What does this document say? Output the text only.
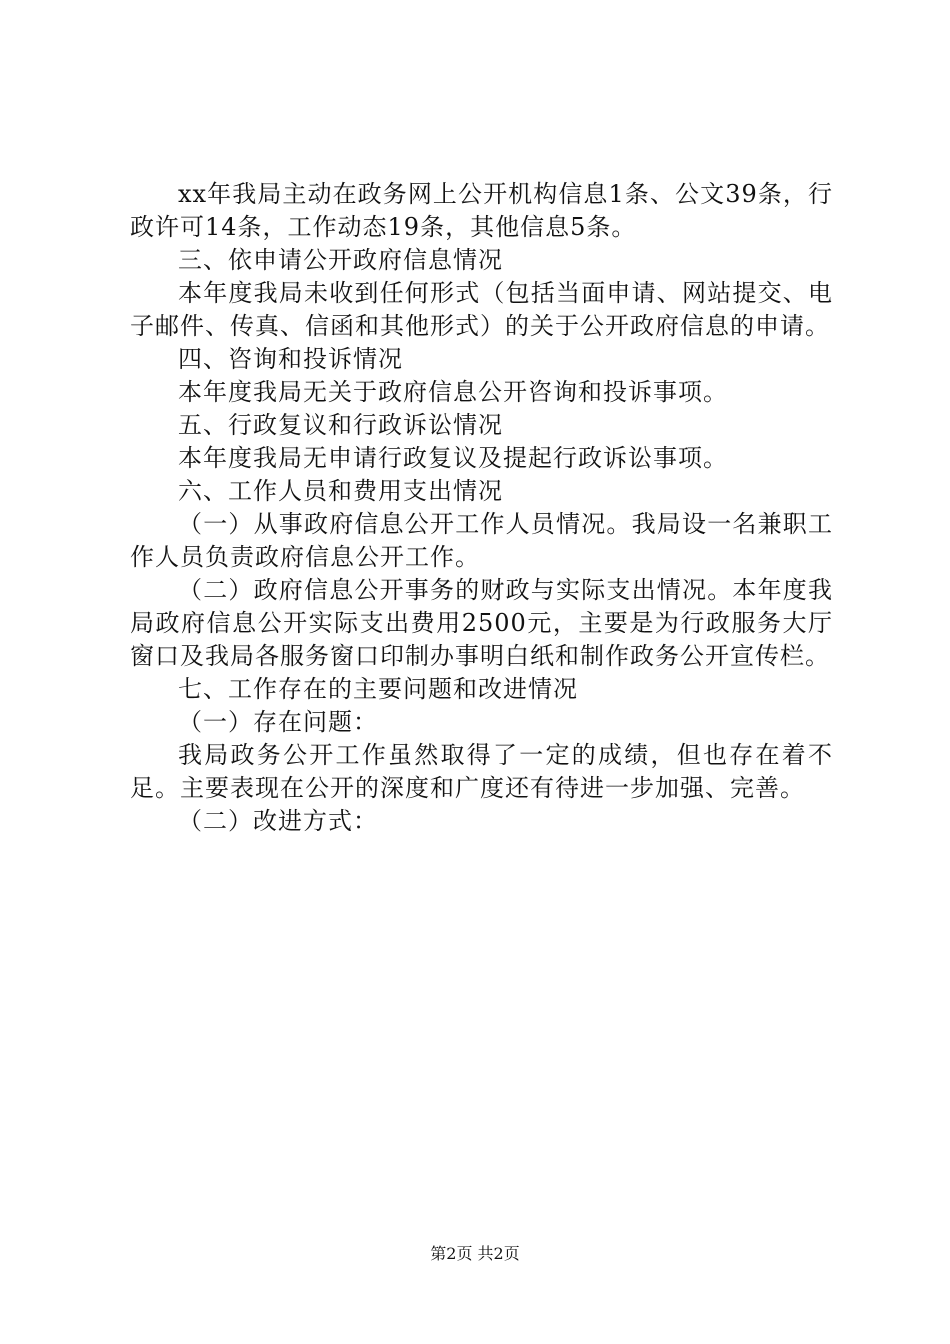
xx年我局主动在政务网上公开机构信息1条、公文39条，行政许可14条，工作动态19条，其他信息5条。

三、依申请公开政府信息情况

本年度我局未收到任何形式（包括当面申请、网站提交、电子邮件、传真、信函和其他形式）的关于公开政府信息的申请。

四、咨询和投诉情况

本年度我局无关于政府信息公开咨询和投诉事项。

五、行政复议和行政诉讼情况

本年度我局无申请行政复议及提起行政诉讼事项。

六、工作人员和费用支出情况

（一）从事政府信息公开工作人员情况。我局设一名兼职工作人员负责政府信息公开工作。

（二）政府信息公开事务的财政与实际支出情况。本年度我局政府信息公开实际支出费用2500元，主要是为行政服务大厅窗口及我局各服务窗口印制办事明白纸和制作政务公开宣传栏。

七、工作存在的主要问题和改进情况

（一）存在问题：

我局政务公开工作虽然取得了一定的成绩，但也存在着不足。主要表现在公开的深度和广度还有待进一步加强、完善。

（二）改进方式：

第2页 共2页
